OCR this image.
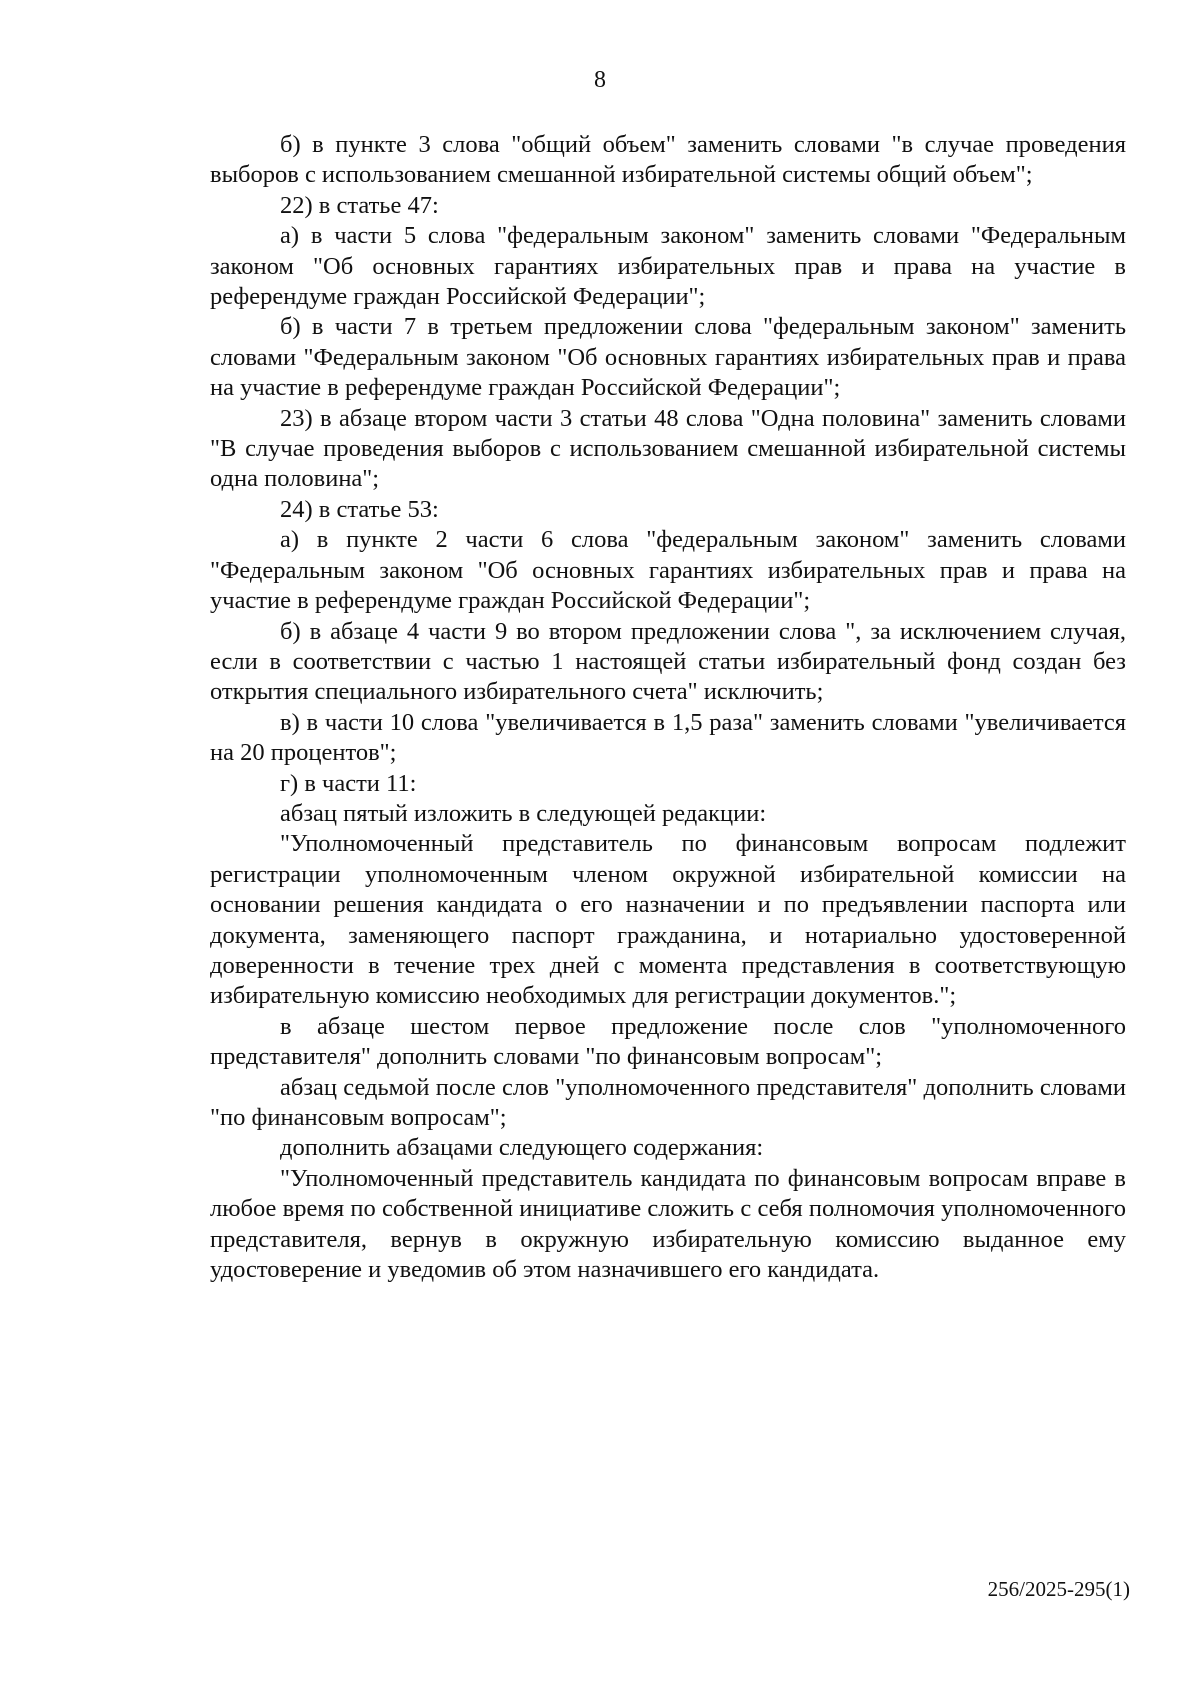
8

б) в пункте 3 слова "общий объем" заменить словами "в случае проведения выборов с использованием смешанной избирательной системы общий объем";

22) в статье 47:

а) в части 5 слова "федеральным законом" заменить словами "Федеральным законом "Об основных гарантиях избирательных прав и права на участие в референдуме граждан Российской Федерации";

б) в части 7 в третьем предложении слова "федеральным законом" заменить словами "Федеральным законом "Об основных гарантиях избирательных прав и права на участие в референдуме граждан Российской Федерации";

23) в абзаце втором части 3 статьи 48 слова "Одна половина" заменить словами "В случае проведения выборов с использованием смешанной избирательной системы одна половина";

24) в статье 53:

а) в пункте 2 части 6 слова "федеральным законом" заменить словами "Федеральным законом "Об основных гарантиях избирательных прав и права на участие в референдуме граждан Российской Федерации";

б) в абзаце 4 части 9 во втором предложении слова ", за исключением случая, если в соответствии с частью 1 настоящей статьи избирательный фонд создан без открытия специального избирательного счета" исключить;

в) в части 10 слова "увеличивается в 1,5 раза" заменить словами "увеличивается на 20 процентов";

г) в части 11:

абзац пятый изложить в следующей редакции:

"Уполномоченный представитель по финансовым вопросам подлежит регистрации уполномоченным членом окружной избирательной комиссии на основании решения кандидата о его назначении и по предъявлении паспорта или документа, заменяющего паспорт гражданина, и нотариально удостоверенной доверенности в течение трех дней с момента представления в соответствующую избирательную комиссию необходимых для регистрации документов.";

в абзаце шестом первое предложение после слов "уполномоченного представителя" дополнить словами "по финансовым вопросам";

абзац седьмой после слов "уполномоченного представителя" дополнить словами "по финансовым вопросам";

дополнить абзацами следующего содержания:

"Уполномоченный представитель кандидата по финансовым вопросам вправе в любое время по собственной инициативе сложить с себя полномочия уполномоченного представителя, вернув в окружную избирательную комиссию выданное ему удостоверение и уведомив об этом назначившего его кандидата.

256/2025-295(1)
